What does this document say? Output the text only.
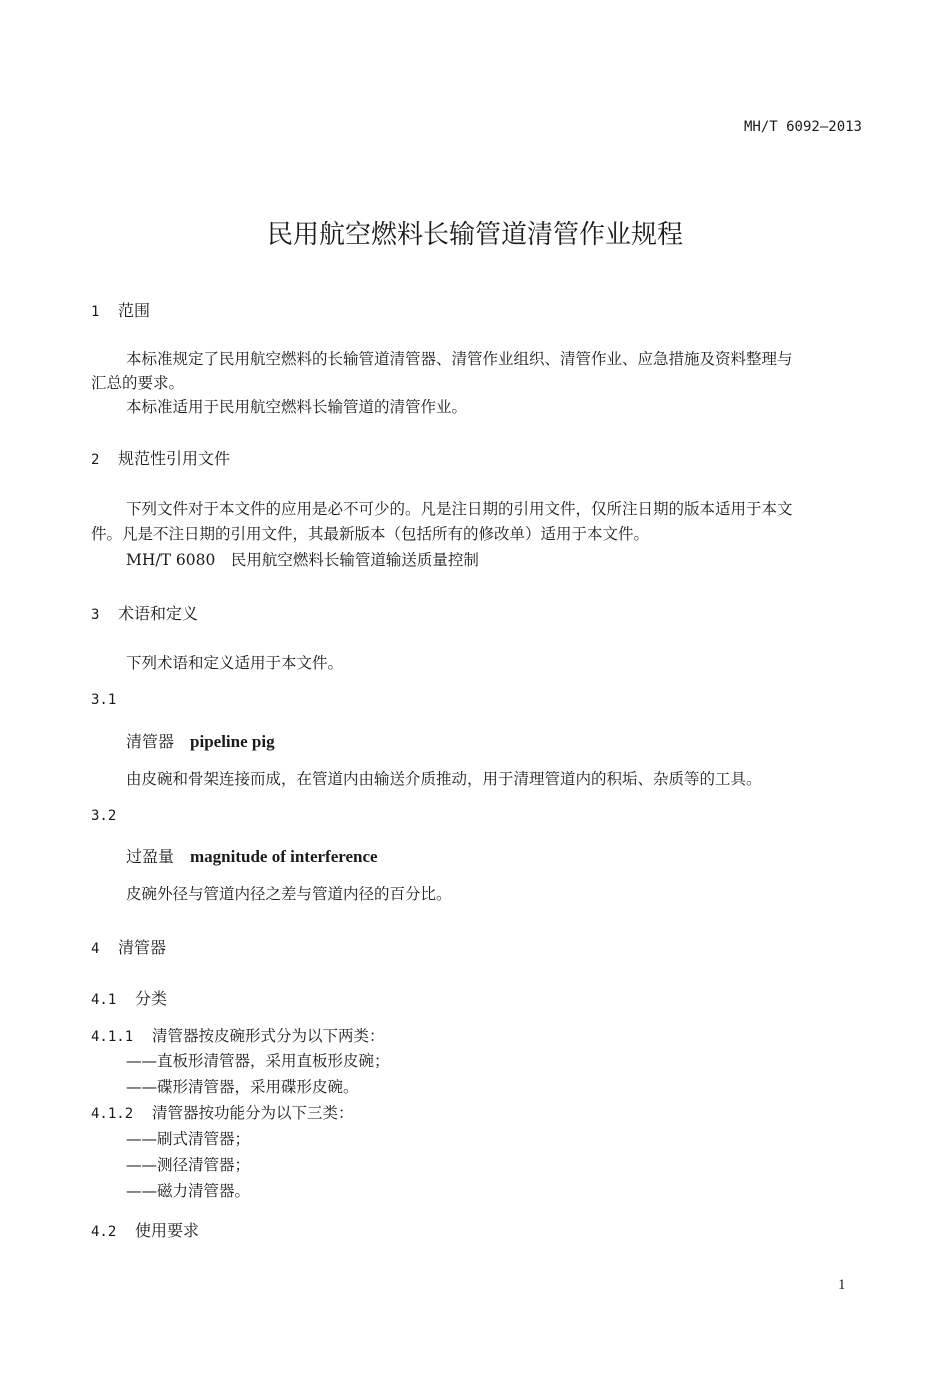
MH/T 6092—2013
民用航空燃料长输管道清管作业规程
1 范围
本标准规定了民用航空燃料的长输管道清管器、清管作业组织、清管作业、应急措施及资料整理与
汇总的要求。
本标准适用于民用航空燃料长输管道的清管作业。
2 规范性引用文件
下列文件对于本文件的应用是必不可少的。凡是注日期的引用文件，仅所注日期的版本适用于本文
件。凡是不注日期的引用文件，其最新版本（包括所有的修改单）适用于本文件。
MH/T 6080　民用航空燃料长输管道输送质量控制
3 术语和定义
下列术语和定义适用于本文件。
3.1
清管器 pipeline pig
由皮碗和骨架连接而成，在管道内由输送介质推动，用于清理管道内的积垢、杂质等的工具。
3.2
过盈量 magnitude of interference
皮碗外径与管道内径之差与管道内径的百分比。
4 清管器
4.1 分类
4.1.1 清管器按皮碗形式分为以下两类：
——直板形清管器，采用直板形皮碗；
——碟形清管器，采用碟形皮碗。
4.1.2 清管器按功能分为以下三类：
——刷式清管器；
——测径清管器；
——磁力清管器。
4.2 使用要求
1
